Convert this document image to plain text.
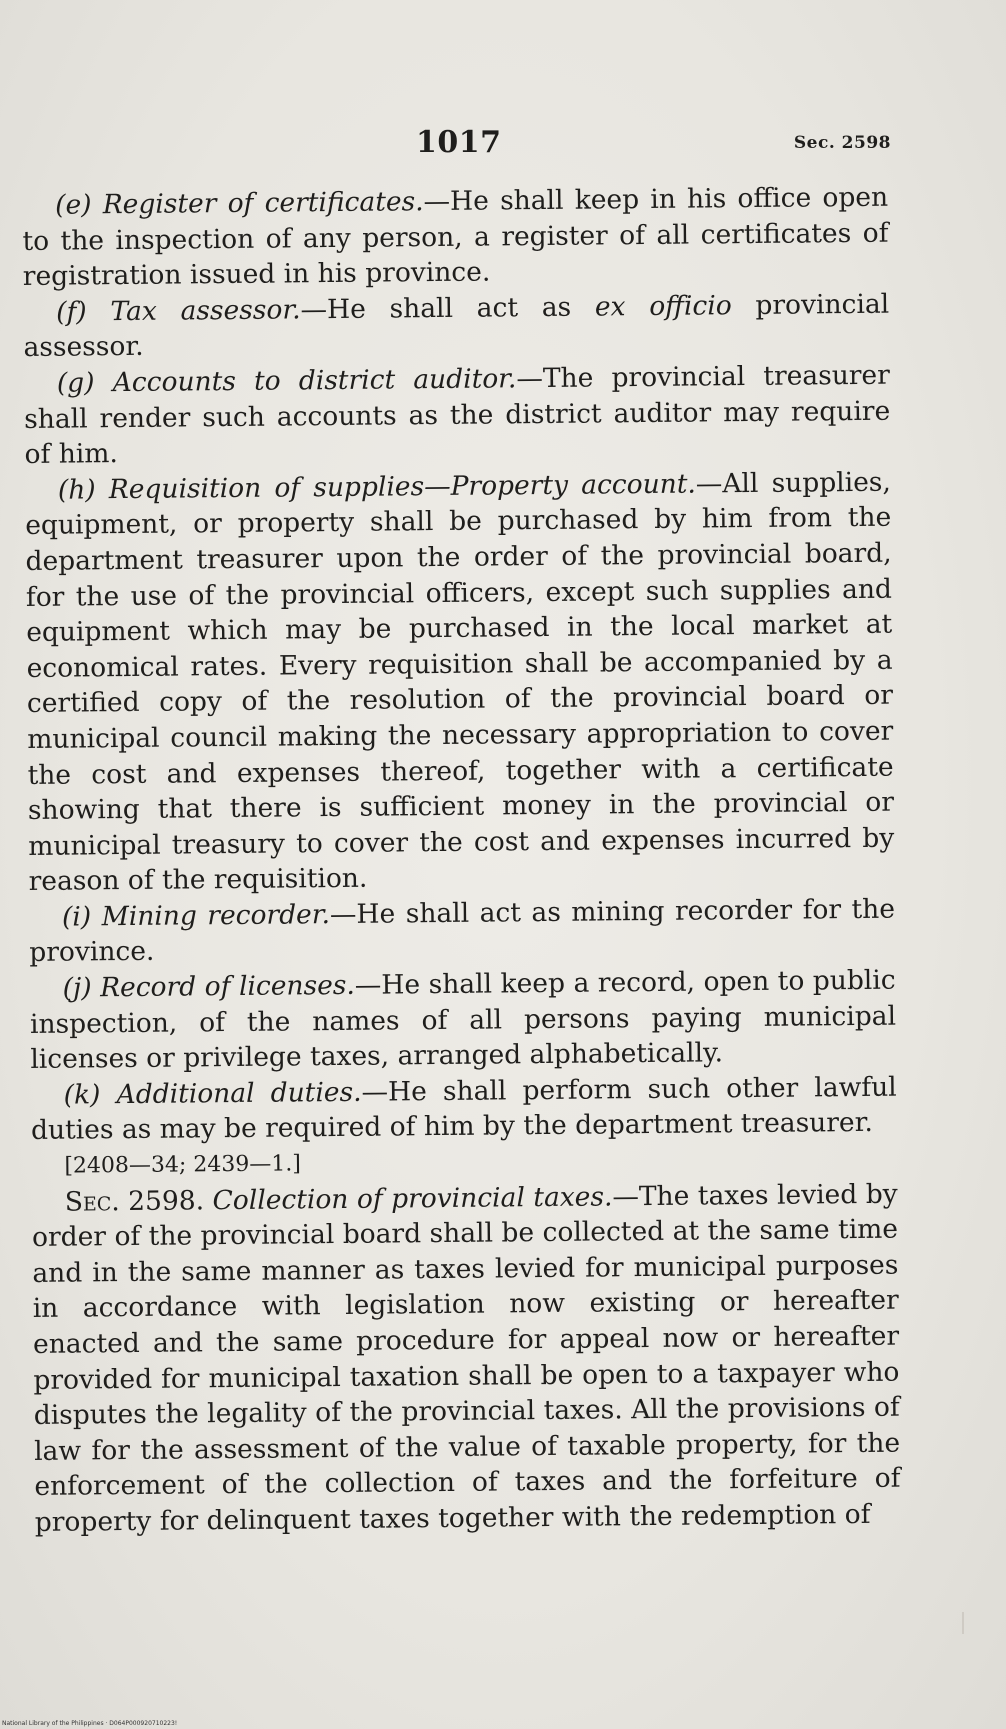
1017	Sec. 2598

(e) Register of certificates.—He shall keep in his office open to the inspection of any person, a register of all certificates of registration issued in his province.

(f) Tax assessor.—He shall act as ex officio provincial assessor.

(g) Accounts to district auditor.—The provincial treasurer shall render such accounts as the district auditor may require of him.

(h) Requisition of supplies—Property account.—All supplies, equipment, or property shall be purchased by him from the department treasurer upon the order of the provincial board, for the use of the provincial officers, except such supplies and equipment which may be purchased in the local market at economical rates. Every requisition shall be accompanied by a certified copy of the resolution of the provincial board or municipal council making the necessary appropriation to cover the cost and expenses thereof, together with a certificate showing that there is sufficient money in the provincial or municipal treasury to cover the cost and expenses incurred by reason of the requisition.

(i) Mining recorder.—He shall act as mining recorder for the province.

(j) Record of licenses.—He shall keep a record, open to public inspection, of the names of all persons paying municipal licenses or privilege taxes, arranged alphabetically.

(k) Additional duties.—He shall perform such other lawful duties as may be required of him by the department treasurer.

[2408—34; 2439—1.]

Sec. 2598. Collection of provincial taxes.—The taxes levied by order of the provincial board shall be collected at the same time and in the same manner as taxes levied for municipal purposes in accordance with legislation now existing or hereafter enacted and the same procedure for appeal now or hereafter provided for municipal taxation shall be open to a taxpayer who disputes the legality of the provincial taxes. All the provisions of law for the assessment of the value of taxable property, for the enforcement of the collection of taxes and the forfeiture of property for delinquent taxes together with the redemption of

National Library of the Philippines · D064P000920710223!
